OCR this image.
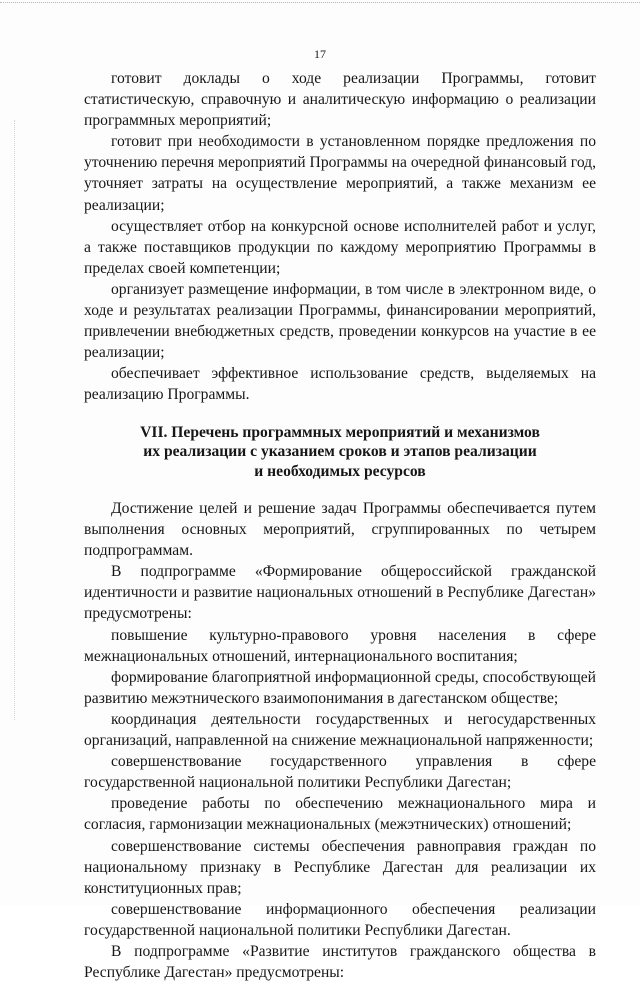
17

готовит доклады о ходе реализации Программы, готовит статистическую, справочную и аналитическую информацию о реализации программных мероприятий;

готовит при необходимости в установленном порядке предложения по уточнению перечня мероприятий Программы на очередной финансовый год, уточняет затраты на осуществление мероприятий, а также механизм ее реализации;

осуществляет отбор на конкурсной основе исполнителей работ и услуг, а также поставщиков продукции по каждому мероприятию Программы в пределах своей компетенции;

организует размещение информации, в том числе в электронном виде, о ходе и результатах реализации Программы, финансировании мероприятий, привлечении внебюджетных средств, проведении конкурсов на участие в ее реализации;

обеспечивает эффективное использование средств, выделяемых на реализацию Программы.

VII. Перечень программных мероприятий и механизмов
их реализации с указанием сроков и этапов реализации
и необходимых ресурсов

Достижение целей и решение задач Программы обеспечивается путем выполнения основных мероприятий, сгруппированных по четырем подпрограммам.

В подпрограмме «Формирование общероссийской гражданской идентичности и развитие национальных отношений в Республике Дагестан» предусмотрены:

повышение культурно-правового уровня населения в сфере межнациональных отношений, интернационального воспитания;

формирование благоприятной информационной среды, способствующей развитию межэтнического взаимопонимания в дагестанском обществе;

координация деятельности государственных и негосударственных организаций, направленной на снижение межнациональной напряженности;

совершенствование государственного управления в сфере государственной национальной политики Республики Дагестан;

проведение работы по обеспечению межнационального мира и согласия, гармонизации межнациональных (межэтнических) отношений;

совершенствование системы обеспечения равноправия граждан по национальному признаку в Республике Дагестан для реализации их конституционных прав;

совершенствование информационного обеспечения реализации государственной национальной политики Республики Дагестан.

В подпрограмме «Развитие институтов гражданского общества в Республике Дагестан» предусмотрены:
